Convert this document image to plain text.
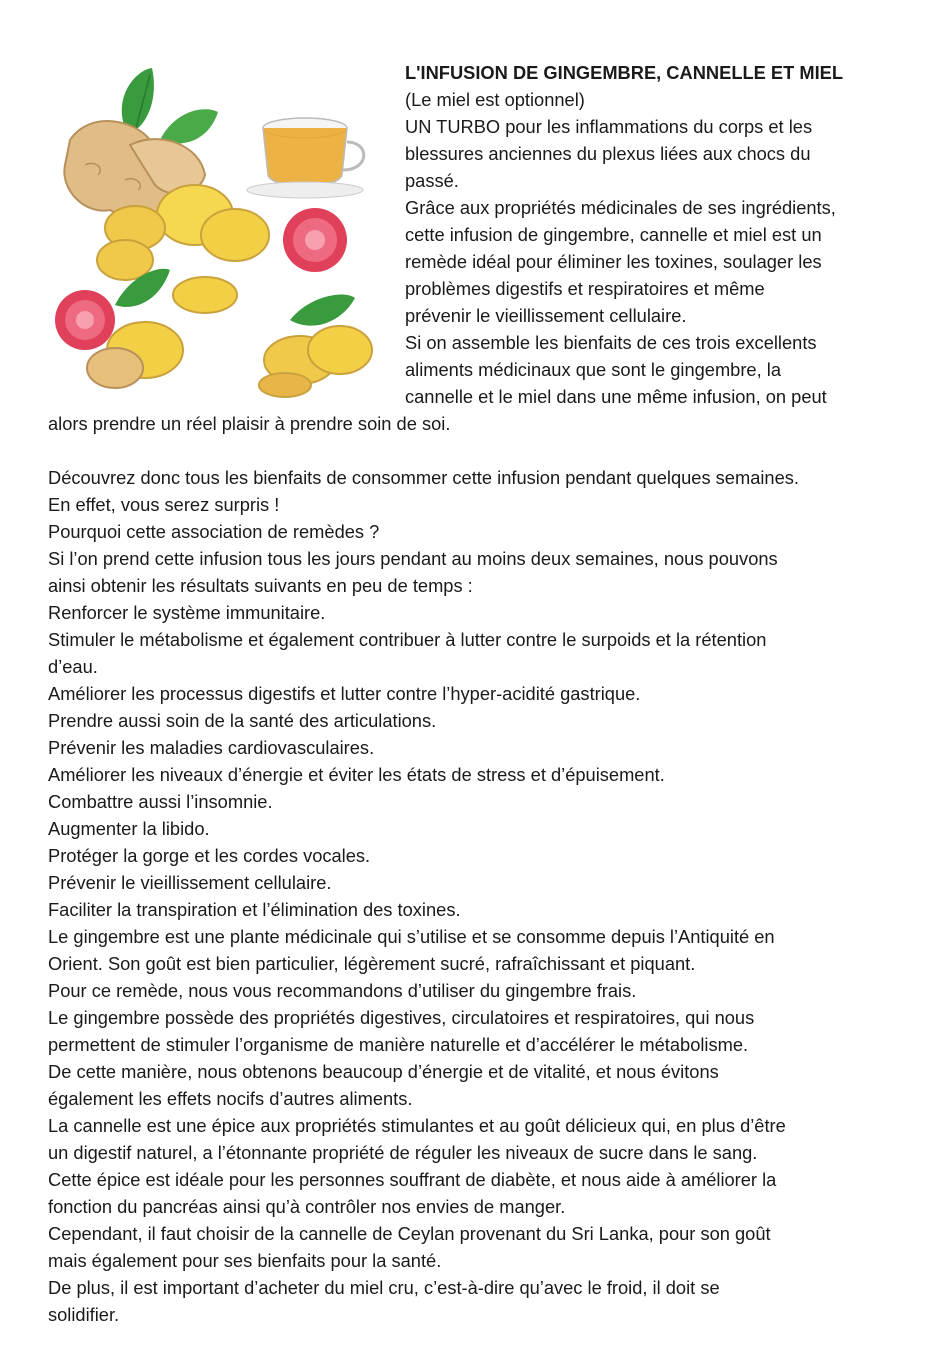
L'INFUSION DE GINGEMBRE, CANNELLE ET MIEL
(Le miel est optionnel)
UN TURBO pour les inflammations du corps et les
blessures anciennes du plexus liées aux chocs du
passé.
Grâce aux propriétés médicinales de ses ingrédients,
cette infusion de gingembre, cannelle et miel est un
remède idéal pour éliminer les toxines, soulager les
problèmes digestifs et respiratoires et même
prévenir le vieillissement cellulaire.
Si on assemble les bienfaits de ces trois excellents
aliments médicinaux que sont le gingembre, la
cannelle et le miel dans une même infusion, on peut
alors prendre un réel plaisir à prendre soin de soi.
Découvrez donc tous les bienfaits de consommer cette infusion pendant quelques semaines.
En effet, vous serez surpris !
Pourquoi cette association de remèdes ?
Si l’on prend cette infusion tous les jours pendant au moins deux semaines, nous pouvons
ainsi obtenir les résultats suivants en peu de temps :
Renforcer le système immunitaire.
Stimuler le métabolisme et également contribuer à lutter contre le surpoids et la rétention
d’eau.
Améliorer les processus digestifs et lutter contre l’hyper-acidité gastrique.
Prendre aussi soin de la santé des articulations.
Prévenir les maladies cardiovasculaires.
Améliorer les niveaux d’énergie et éviter les états de stress et d’épuisement.
Combattre aussi l’insomnie.
Augmenter la libido.
Protéger la gorge et les cordes vocales.
Prévenir le vieillissement cellulaire.
Faciliter la transpiration et l’élimination des toxines.
Le gingembre est une plante médicinale qui s’utilise et se consomme depuis l’Antiquité en
Orient. Son goût est bien particulier, légèrement sucré, rafraîchissant et piquant.
Pour ce remède, nous vous recommandons d’utiliser du gingembre frais.
Le gingembre possède des propriétés digestives, circulatoires et respiratoires, qui nous
permettent de stimuler l’organisme de manière naturelle et d’accélérer le métabolisme.
De cette manière, nous obtenons beaucoup d’énergie et de vitalité, et nous évitons
également les effets nocifs d’autres aliments.
La cannelle est une épice aux propriétés stimulantes et au goût délicieux qui, en plus d’être
un digestif naturel, a l’étonnante propriété de réguler les niveaux de sucre dans le sang.
Cette épice est idéale pour les personnes souffrant de diabète, et nous aide à améliorer la
fonction du pancréas ainsi qu’à contrôler nos envies de manger.
Cependant, il faut choisir de la cannelle de Ceylan provenant du Sri Lanka, pour son goût
mais également pour ses bienfaits pour la santé.
De plus, il est important d’acheter du miel cru, c’est-à-dire qu’avec le froid, il doit se
solidifier.
